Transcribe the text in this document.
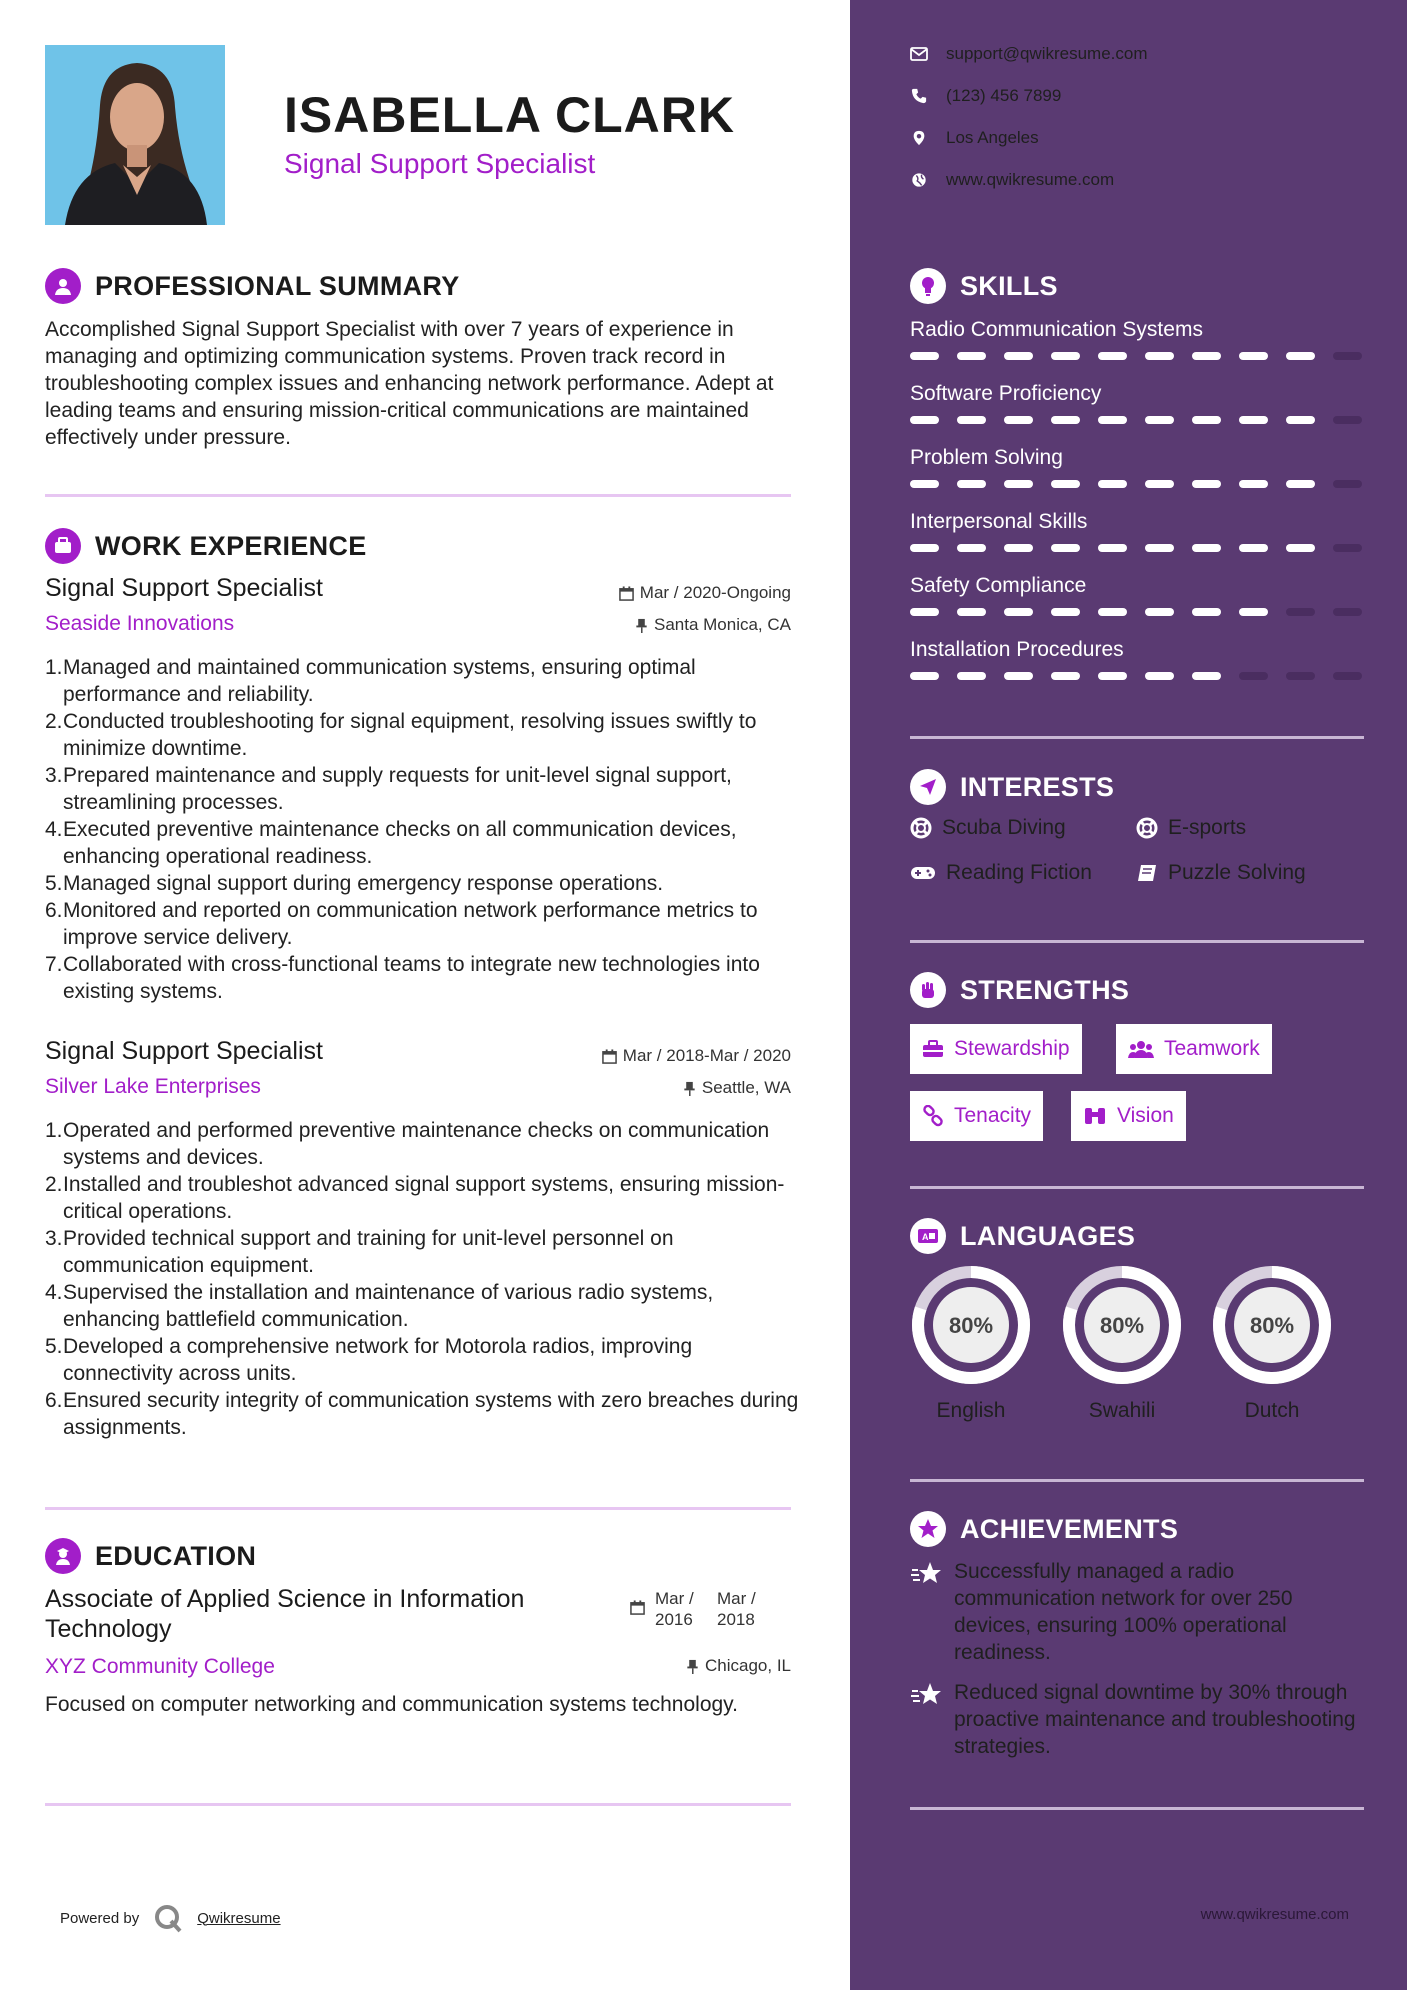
ISABELLA CLARK
Signal Support Specialist
PROFESSIONAL SUMMARY
Accomplished Signal Support Specialist with over 7 years of experience in managing and optimizing communication systems. Proven track record in troubleshooting complex issues and enhancing network performance. Adept at leading teams and ensuring mission-critical communications are maintained effectively under pressure.
WORK EXPERIENCE
Signal Support Specialist
Seaside Innovations
Mar / 2020-Ongoing
Santa Monica, CA
1. Managed and maintained communication systems, ensuring optimal performance and reliability.
2. Conducted troubleshooting for signal equipment, resolving issues swiftly to minimize downtime.
3. Prepared maintenance and supply requests for unit-level signal support, streamlining processes.
4. Executed preventive maintenance checks on all communication devices, enhancing operational readiness.
5. Managed signal support during emergency response operations.
6. Monitored and reported on communication network performance metrics to improve service delivery.
7. Collaborated with cross-functional teams to integrate new technologies into existing systems.
Signal Support Specialist
Silver Lake Enterprises
Mar / 2018-Mar / 2020
Seattle, WA
1. Operated and performed preventive maintenance checks on communication systems and devices.
2. Installed and troubleshot advanced signal support systems, ensuring mission-critical operations.
3. Provided technical support and training for unit-level personnel on communication equipment.
4. Supervised the installation and maintenance of various radio systems, enhancing battlefield communication.
5. Developed a comprehensive network for Motorola radios, improving connectivity across units.
6. Ensured security integrity of communication systems with zero breaches during assignments.
EDUCATION
Associate of Applied Science in Information Technology
XYZ Community College
Mar / 2016
Mar / 2018
Chicago, IL
Focused on computer networking and communication systems technology.
Powered by	Qwikresume
support@qwikresume.com
(123) 456 7899
Los Angeles
www.qwikresume.com
SKILLS
Radio Communication Systems
Software Proficiency
Problem Solving
Interpersonal Skills
Safety Compliance
Installation Procedures
INTERESTS
Scuba Diving	E-sports
Reading Fiction	Puzzle Solving
STRENGTHS
Stewardship	Teamwork
Tenacity	Vision
A LANGUAGES
80%
English
80%
Swahili
80%
Dutch
ACHIEVEMENTS
Successfully managed a radio communication network for over 250 devices, ensuring 100% operational readiness.
Reduced signal downtime by 30% through proactive maintenance and troubleshooting strategies.
www.qwikresume.com
